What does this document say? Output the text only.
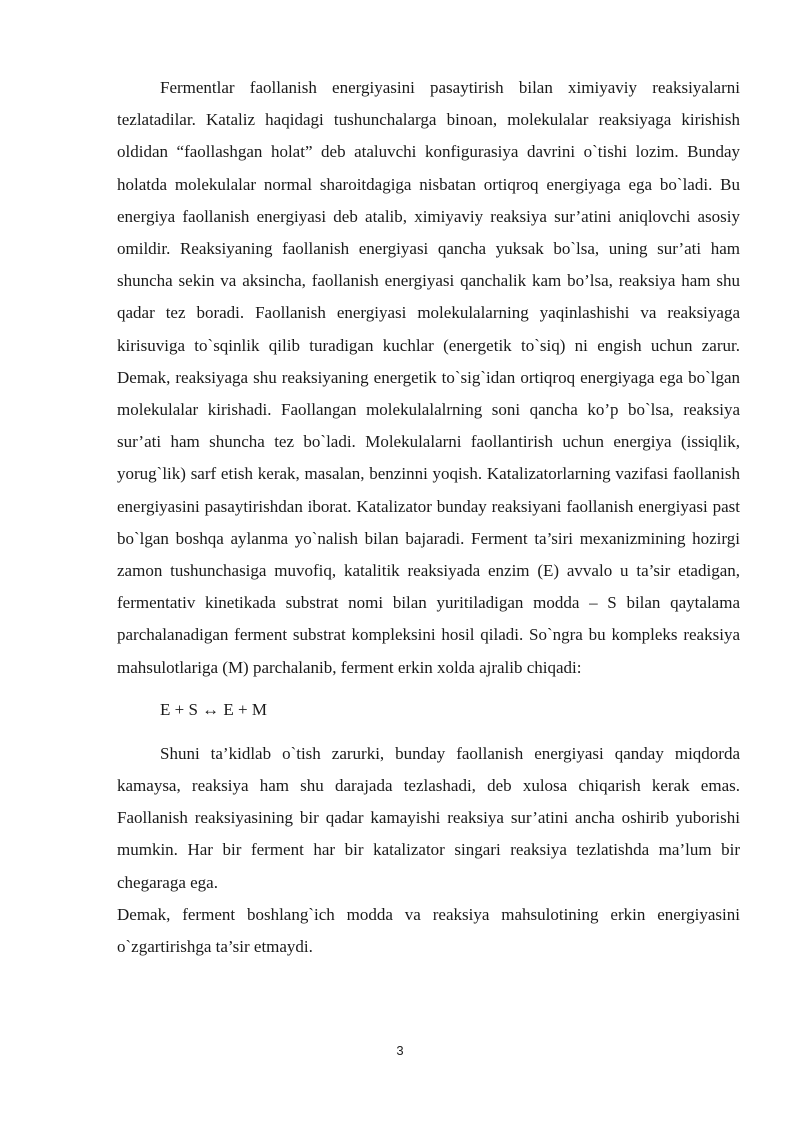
Fermentlar faollanish energiyasini pasaytirish bilan ximiyaviy reaksiyalarni tezlatadilar. Kataliz haqidagi tushunchalarga binoan, molekulalar reaksiyaga kirishish oldidan “faollashgan holat” deb ataluvchi konfigurasiya davrini o`tishi lozim. Bunday holatda molekulalar normal sharoitdagiga nisbatan ortiqroq energiyaga ega bo`ladi. Bu energiya faollanish energiyasi deb atalib, ximiyaviy reaksiya sur’atini aniqlovchi asosiy omildir. Reaksiyaning faollanish energiyasi qancha yuksak bo`lsa, uning sur’ati ham shuncha sekin va aksincha, faollanish energiyasi qanchalik kam bo’lsa, reaksiya ham shu qadar tez boradi. Faollanish energiyasi molekulalarning yaqinlashishi va reaksiyaga kirisuviga to`sqinlik qilib turadigan kuchlar (energetik to`siq) ni engish uchun zarur. Demak, reaksiyaga shu reaksiyaning energetik to`sig`idan ortiqroq energiyaga ega bo`lgan molekulalar kirishadi. Faollangan molekulalalrning soni qancha ko’p bo`lsa, reaksiya sur’ati ham shuncha tez bo`ladi. Molekulalarni faollantirish uchun energiya (issiqlik, yorug`lik) sarf etish kerak, masalan, benzinni yoqish. Katalizatorlarning vazifasi faollanish energiyasini pasaytirishdan iborat. Katalizator bunday reaksiyani faollanish energiyasi past bo`lgan boshqa aylanma yo`nalish bilan bajaradi. Ferment ta’siri mexanizmining hozirgi zamon tushunchasiga muvofiq, katalitik reaksiyada enzim (E) avvalo u ta’sir etadigan, fermentativ kinetikada substrat nomi bilan yuritiladigan modda – S bilan qaytalama parchalanadigan ferment substrat kompleksini hosil qiladi. So`ngra bu kompleks reaksiya mahsulotlariga (M) parchalanib, ferment erkin xolda ajralib chiqadi:

E + S ↔ E + M

Shuni ta’kidlab o`tish zarurki, bunday faollanish energiyasi qanday miqdorda kamaysa, reaksiya ham shu darajada tezlashadi, deb xulosa chiqarish kerak emas. Faollanish reaksiyasining bir qadar kamayishi reaksiya sur’atini ancha oshirib yuborishi mumkin. Har bir ferment har bir katalizator singari reaksiya tezlatishda ma’lum bir chegaraga ega.

Demak, ferment boshlang`ich modda va reaksiya mahsulotining erkin energiyasini o`zgartirishga ta’sir etmaydi.

3
